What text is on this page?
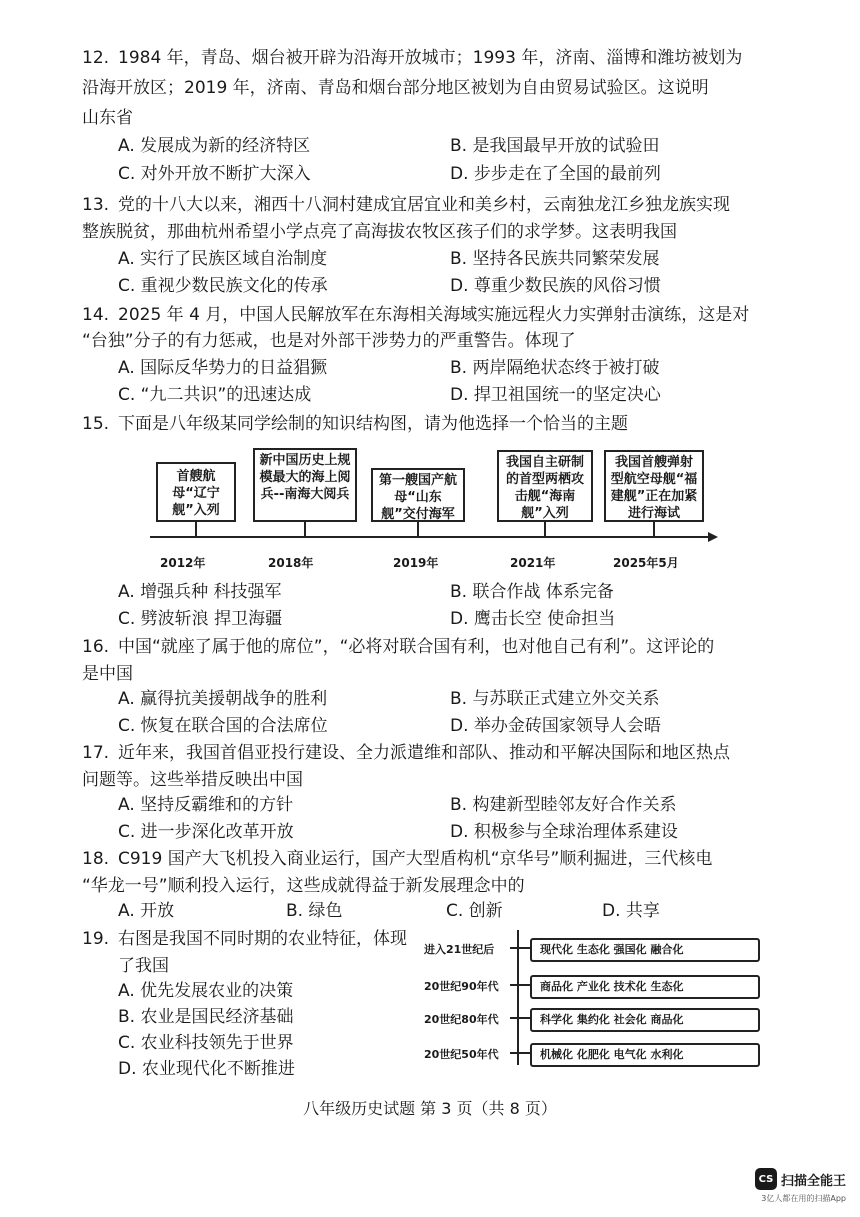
12. 1984 年，青岛、烟台被开辟为沿海开放城市；1993 年，济南、淄博和潍坊被划为
沿海开放区；2019 年，济南、青岛和烟台部分地区被划为自由贸易试验区。这说明
山东省
A. 发展成为新的经济特区	B. 是我国最早开放的试验田
C. 对外开放不断扩大深入	D. 步步走在了全国的最前列
13. 党的十八大以来，湘西十八洞村建成宜居宜业和美乡村，云南独龙江乡独龙族实现
整族脱贫，那曲杭州希望小学点亮了高海拔农牧区孩子们的求学梦。这表明我国
A. 实行了民族区域自治制度	B. 坚持各民族共同繁荣发展
C. 重视少数民族文化的传承	D. 尊重少数民族的风俗习惯
14. 2025 年 4 月，中国人民解放军在东海相关海域实施远程火力实弹射击演练，这是对
“台独”分子的有力惩戒，也是对外部干涉势力的严重警告。体现了
A. 国际反华势力的日益猖獗	B. 两岸隔绝状态终于被打破
C. “九二共识”的迅速达成	D. 捍卫祖国统一的坚定决心
15. 下面是八年级某同学绘制的知识结构图，请为他选择一个恰当的主题
首艘航母“辽宁舰”入列
新中国历史上规模最大的海上阅兵--南海大阅兵
第一艘国产航母“山东舰”交付海军
我国自主研制的首型两栖攻击舰“海南舰”入列
我国首艘弹射型航空母舰“福建舰”正在加紧进行海试
2012年	2018年	2019年	2021年	2025年5月
A. 增强兵种 科技强军	B. 联合作战 体系完备
C. 劈波斩浪 捍卫海疆	D. 鹰击长空 使命担当
16. 中国“就座了属于他的席位”，“必将对联合国有利，也对他自己有利”。这评论的
是中国
A. 赢得抗美援朝战争的胜利	B. 与苏联正式建立外交关系
C. 恢复在联合国的合法席位	D. 举办金砖国家领导人会晤
17. 近年来，我国首倡亚投行建设、全力派遣维和部队、推动和平解决国际和地区热点
问题等。这些举措反映出中国
A. 坚持反霸维和的方针	B. 构建新型睦邻友好合作关系
C. 进一步深化改革开放	D. 积极参与全球治理体系建设
18. C919 国产大飞机投入商业运行，国产大型盾构机“京华号”顺利掘进，三代核电
“华龙一号”顺利投入运行，这些成就得益于新发展理念中的
A. 开放	B. 绿色	C. 创新	D. 共享
19. 右图是我国不同时期的农业特征，体现
了我国
A. 优先发展农业的决策
B. 农业是国民经济基础
C. 农业科技领先于世界
D. 农业现代化不断推进
进入21世纪后	现代化 生态化 强国化 融合化
20世纪90年代	商品化 产业化 技术化 生态化
20世纪80年代	科学化 集约化 社会化 商品化
20世纪50年代	机械化 化肥化 电气化 水利化
八年级历史试题 第 3 页（共 8 页）
CS 扫描全能王
3亿人都在用的扫描App
